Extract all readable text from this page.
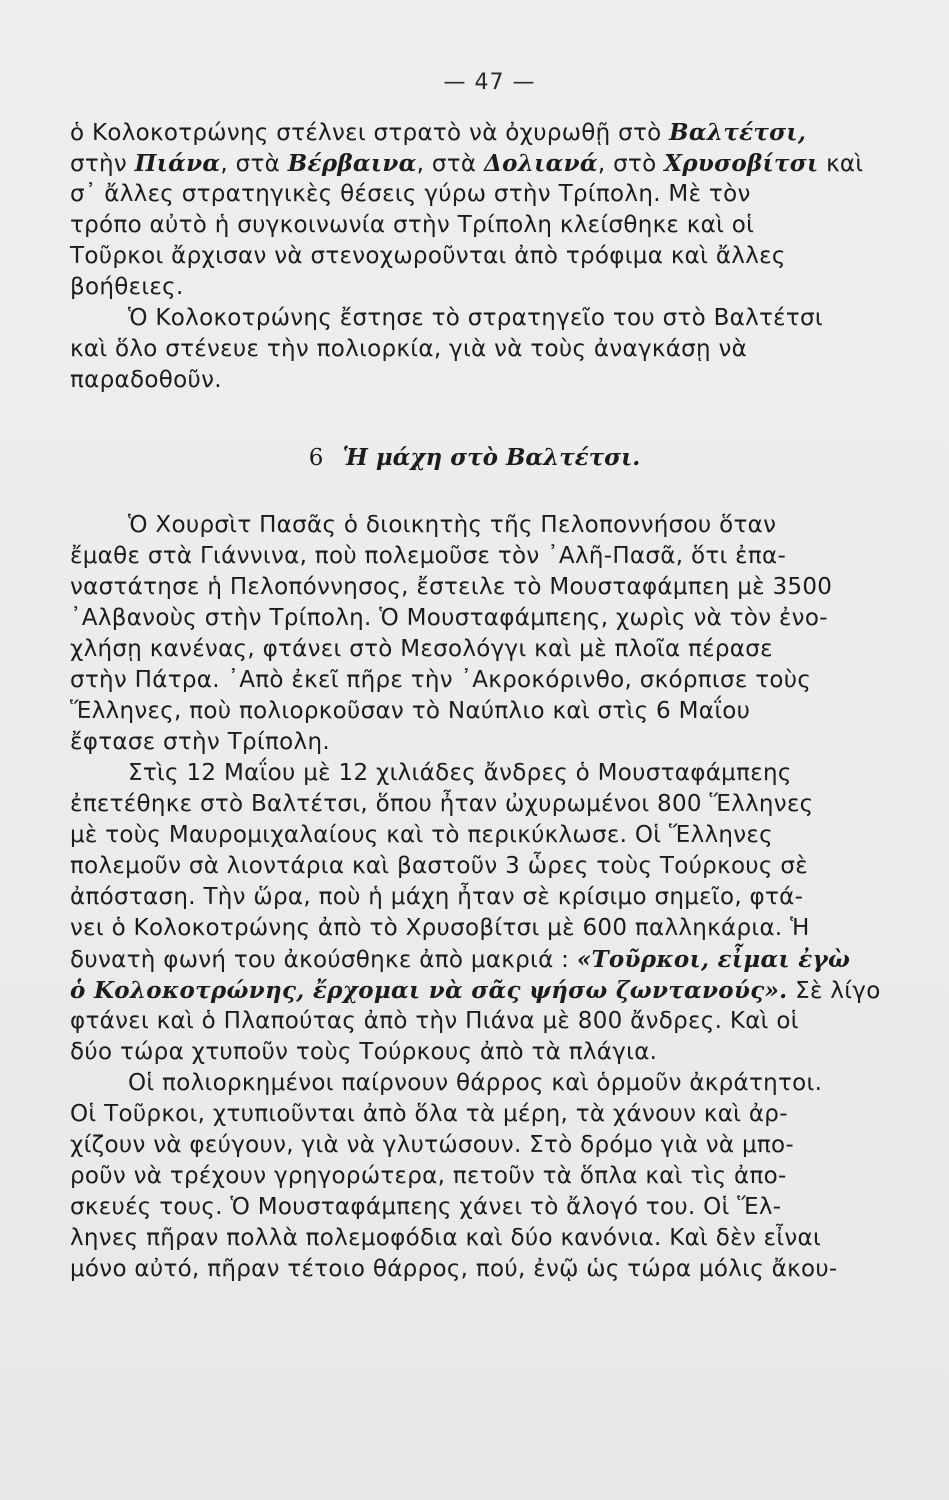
— 47 —
ὁ Κολοκοτρώνης στέλνει στρατὸ νὰ ὀχυρωθῇ στὸ Βαλτέτσι,
στὴν Πιάνα, στὰ Βέρβαινα, στὰ Δολιανά, στὸ Χρυσοβίτσι καὶ
σ᾽ ἄλλες στρατηγικὲς θέσεις γύρω στὴν Τρίπολη. Μὲ τὸν
τρόπο αὐτὸ ἡ συγκοινωνία στὴν Τρίπολη κλείσθηκε καὶ οἱ
Τοῦρκοι ἄρχισαν νὰ στενοχωροῦνται ἀπὸ τρόφιμα καὶ ἄλλες
βοήθειες.
Ὁ Κολοκοτρώνης ἔστησε τὸ στρατηγεῖο του στὸ Βαλτέτσι
καὶ ὅλο στένευε τὴν πολιορκία, γιὰ νὰ τοὺς ἀναγκάσῃ νὰ
παραδοθοῦν.
6 Ἡ μάχη στὸ Βαλτέτσι.
Ὁ Χουρσὶτ Πασᾶς ὁ διοικητὴς τῆς Πελοποννήσου ὅταν
ἔμαθε στὰ Γιάννινα, ποὺ πολεμοῦσε τὸν ᾿Αλῆ-Πασᾶ, ὅτι ἐπα-
ναστάτησε ἡ Πελοπόννησος, ἔστειλε τὸ Μουσταφάμπεη μὲ 3500
᾿Αλβανοὺς στὴν Τρίπολη. Ὁ Μουσταφάμπεης, χωρὶς νὰ τὸν ἐνο-
χλήσῃ κανένας, φτάνει στὸ Μεσολόγγι καὶ μὲ πλοῖα πέρασε
στὴν Πάτρα. ᾿Απὸ ἐκεῖ πῆρε τὴν ᾿Ακροκόρινθο, σκόρπισε τοὺς
Ἕλληνες, ποὺ πολιορκοῦσαν τὸ Ναύπλιο καὶ στὶς 6 Μαΐου
ἔφτασε στὴν Τρίπολη.
Στὶς 12 Μαΐου μὲ 12 χιλιάδες ἄνδρες ὁ Μουσταφάμπεης
ἐπετέθηκε στὸ Βαλτέτσι, ὅπου ἦταν ὠχυρωμένοι 800 Ἕλληνες
μὲ τοὺς Μαυρομιχαλαίους καὶ τὸ περικύκλωσε. Οἱ Ἕλληνες
πολεμοῦν σὰ λιοντάρια καὶ βαστοῦν 3 ὧρες τοὺς Τούρκους σὲ
ἀπόσταση. Τὴν ὥρα, ποὺ ἡ μάχη ἦταν σὲ κρίσιμο σημεῖο, φτά-
νει ὁ Κολοκοτρώνης ἀπὸ τὸ Χρυσοβίτσι μὲ 600 παλληκάρια. Ἡ
δυνατὴ φωνή του ἀκούσθηκε ἀπὸ μακριά : «Τοῦρκοι, εἶμαι ἐγὼ
ὁ Κολοκοτρώνης, ἔρχομαι νὰ σᾶς ψήσω ζωντανούς». Σὲ λίγο
φτάνει καὶ ὁ Πλαπούτας ἀπὸ τὴν Πιάνα μὲ 800 ἄνδρες. Καὶ οἱ
δύο τώρα χτυποῦν τοὺς Τούρκους ἀπὸ τὰ πλάγια.
Οἱ πολιορκημένοι παίρνουν θάρρος καὶ ὁρμοῦν ἀκράτητοι.
Οἱ Τοῦρκοι, χτυπιοῦνται ἀπὸ ὅλα τὰ μέρη, τὰ χάνουν καὶ ἀρ-
χίζουν νὰ φεύγουν, γιὰ νὰ γλυτώσουν. Στὸ δρόμο γιὰ νὰ μπο-
ροῦν νὰ τρέχουν γρηγορώτερα, πετοῦν τὰ ὅπλα καὶ τὶς ἀπο-
σκευές τους. Ὁ Μουσταφάμπεης χάνει τὸ ἄλογό του. Οἱ Ἕλ-
ληνες πῆραν πολλὰ πολεμοφόδια καὶ δύο κανόνια. Καὶ δὲν εἶναι
μόνο αὐτό, πῆραν τέτοιο θάρρος, πού, ἐνῷ ὡς τώρα μόλις ἄκου-
